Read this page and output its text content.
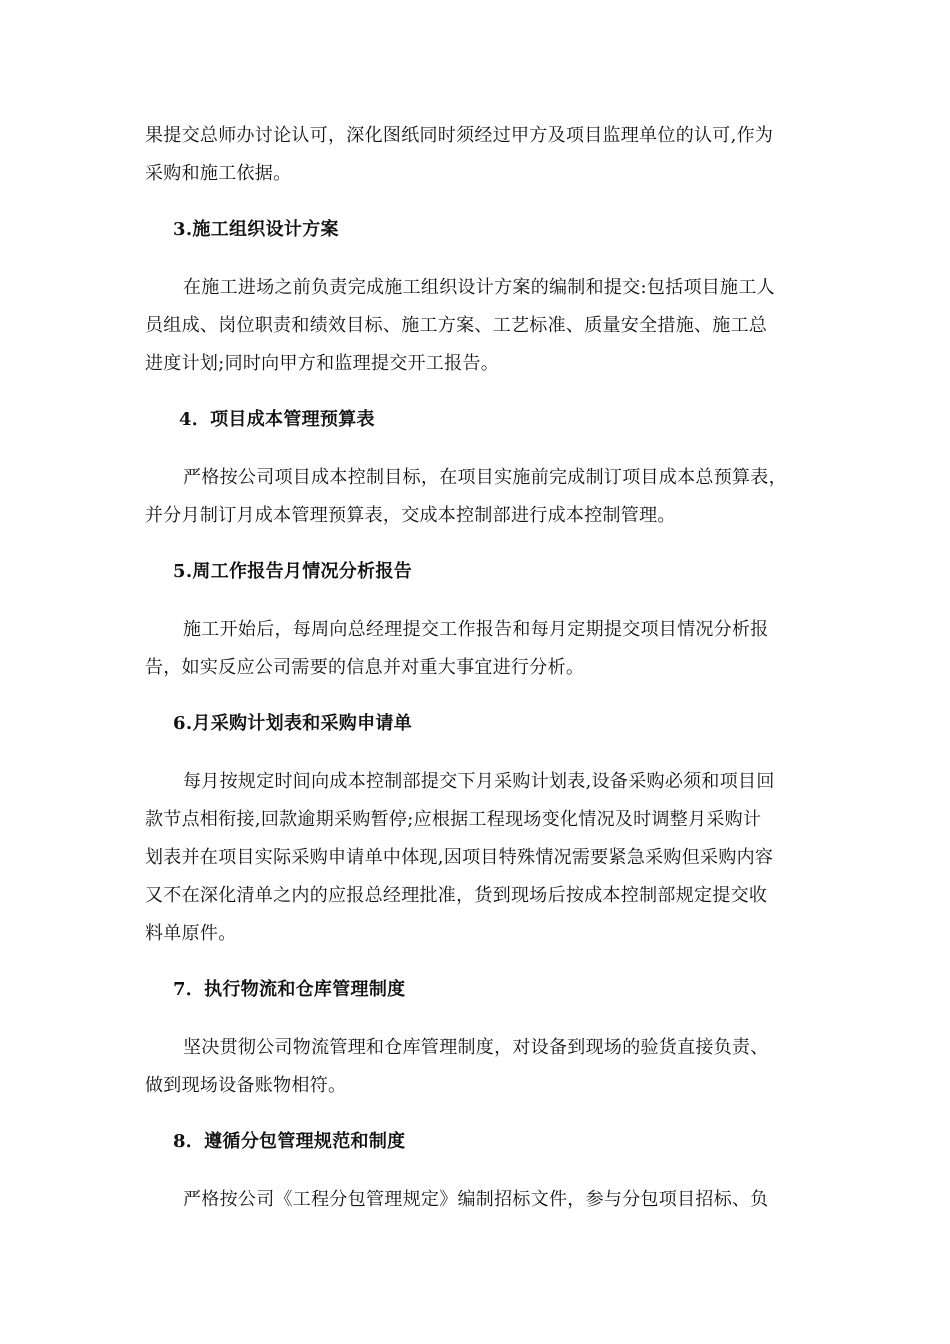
果提交总师办讨论认可，深化图纸同时须经过甲方及项目监理单位的认可,作为
采购和施工依据。
3.施工组织设计方案
在施工进场之前负责完成施工组织设计方案的编制和提交:包括项目施工人
员组成、岗位职责和绩效目标、施工方案、工艺标准、质量安全措施、施工总
进度计划;同时向甲方和监理提交开工报告。
4．项目成本管理预算表
严格按公司项目成本控制目标，在项目实施前完成制订项目成本总预算表，
并分月制订月成本管理预算表，交成本控制部进行成本控制管理。
5.周工作报告月情况分析报告
施工开始后，每周向总经理提交工作报告和每月定期提交项目情况分析报
告，如实反应公司需要的信息并对重大事宜进行分析。
6.月采购计划表和采购申请单
每月按规定时间向成本控制部提交下月采购计划表,设备采购必须和项目回
款节点相衔接,回款逾期采购暂停;应根据工程现场变化情况及时调整月采购计
划表并在项目实际采购申请单中体现,因项目特殊情况需要紧急采购但采购内容
又不在深化清单之内的应报总经理批准，货到现场后按成本控制部规定提交收
料单原件。
7．执行物流和仓库管理制度
坚决贯彻公司物流管理和仓库管理制度，对设备到现场的验货直接负责、
做到现场设备账物相符。
8．遵循分包管理规范和制度
严格按公司《工程分包管理规定》编制招标文件，参与分包项目招标、负
